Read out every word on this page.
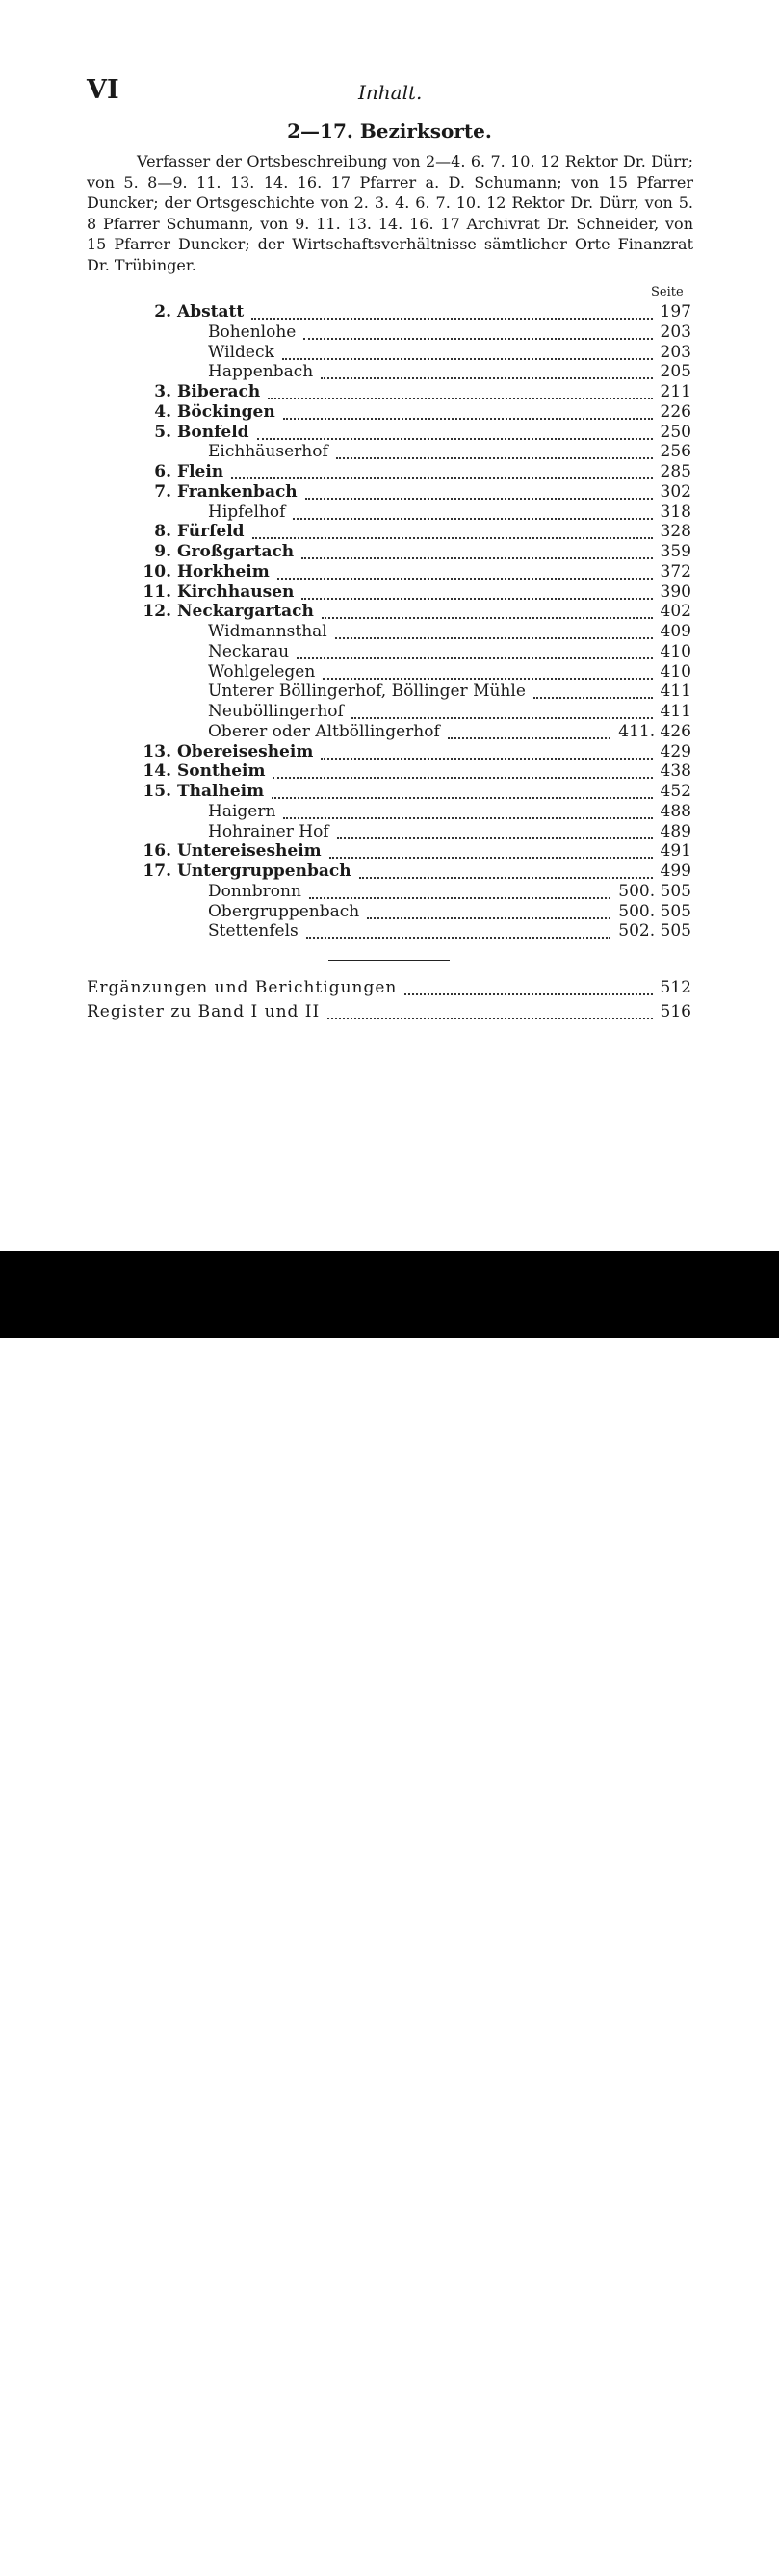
VI	Inhalt.
2—17. Bezirksorte.

Verfasser der Ortsbeschreibung von 2—4. 6. 7. 10. 12 Rektor Dr. Dürr; von 5. 8—9. 11. 13. 14. 16. 17 Pfarrer a. D. Schumann; von 15 Pfarrer Duncker; der Ortsgeschichte von 2. 3. 4. 6. 7. 10. 12 Rektor Dr. Dürr, von 5. 8 Pfarrer Schumann, von 9. 11. 13. 14. 16. 17 Archivrat Dr. Schneider, von 15 Pfarrer Duncker; der Wirtschaftsverhältnisse sämtlicher Orte Finanzrat Dr. Trübinger.

Seite
2. Abstatt	197
Bohenlohe	203
Wildeck	203
Happenbach	205
3. Biberach	211
4. Böckingen	226
5. Bonfeld	250
Eichhäuserhof	256
6. Flein	285
7. Frankenbach	302
Hipfelhof	318
8. Fürfeld	328
9. Großgartach	359
10. Horkheim	372
11. Kirchhausen	390
12. Neckargartach	402
Widmannsthal	409
Neckarau	410
Wohlgelegen	410
Unterer Böllingerhof, Böllinger Mühle	411
Neuböllingerhof	411
Oberer oder Altböllingerhof	411. 426
13. Obereisesheim	429
14. Sontheim	438
15. Thalheim	452
Haigern	488
Hohrainer Hof	489
16. Untereisesheim	491
17. Untergruppenbach	499
Donnbronn	500. 505
Obergruppenbach	500. 505
Stettenfels	502. 505
Ergänzungen und Berichtigungen	512
Register zu Band I und II	516
alamy	W7AT8H
www.alamy.com
